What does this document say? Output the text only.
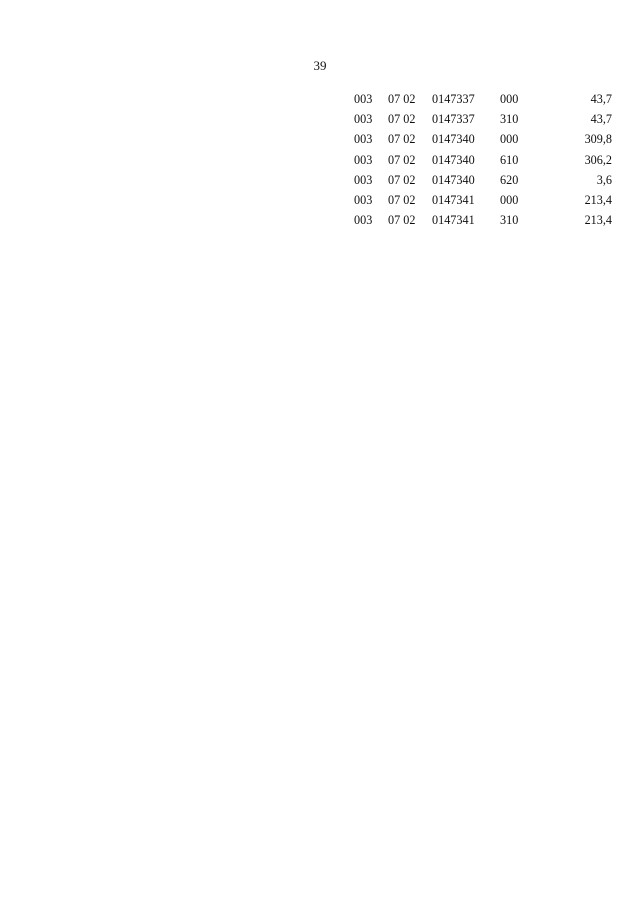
39
003	07 02	0147337	000	43,7
003	07 02	0147337	310	43,7
003	07 02	0147340	000	309,8
003	07 02	0147340	610	306,2
003	07 02	0147340	620	3,6
003	07 02	0147341	000	213,4
003	07 02	0147341	310	213,4
